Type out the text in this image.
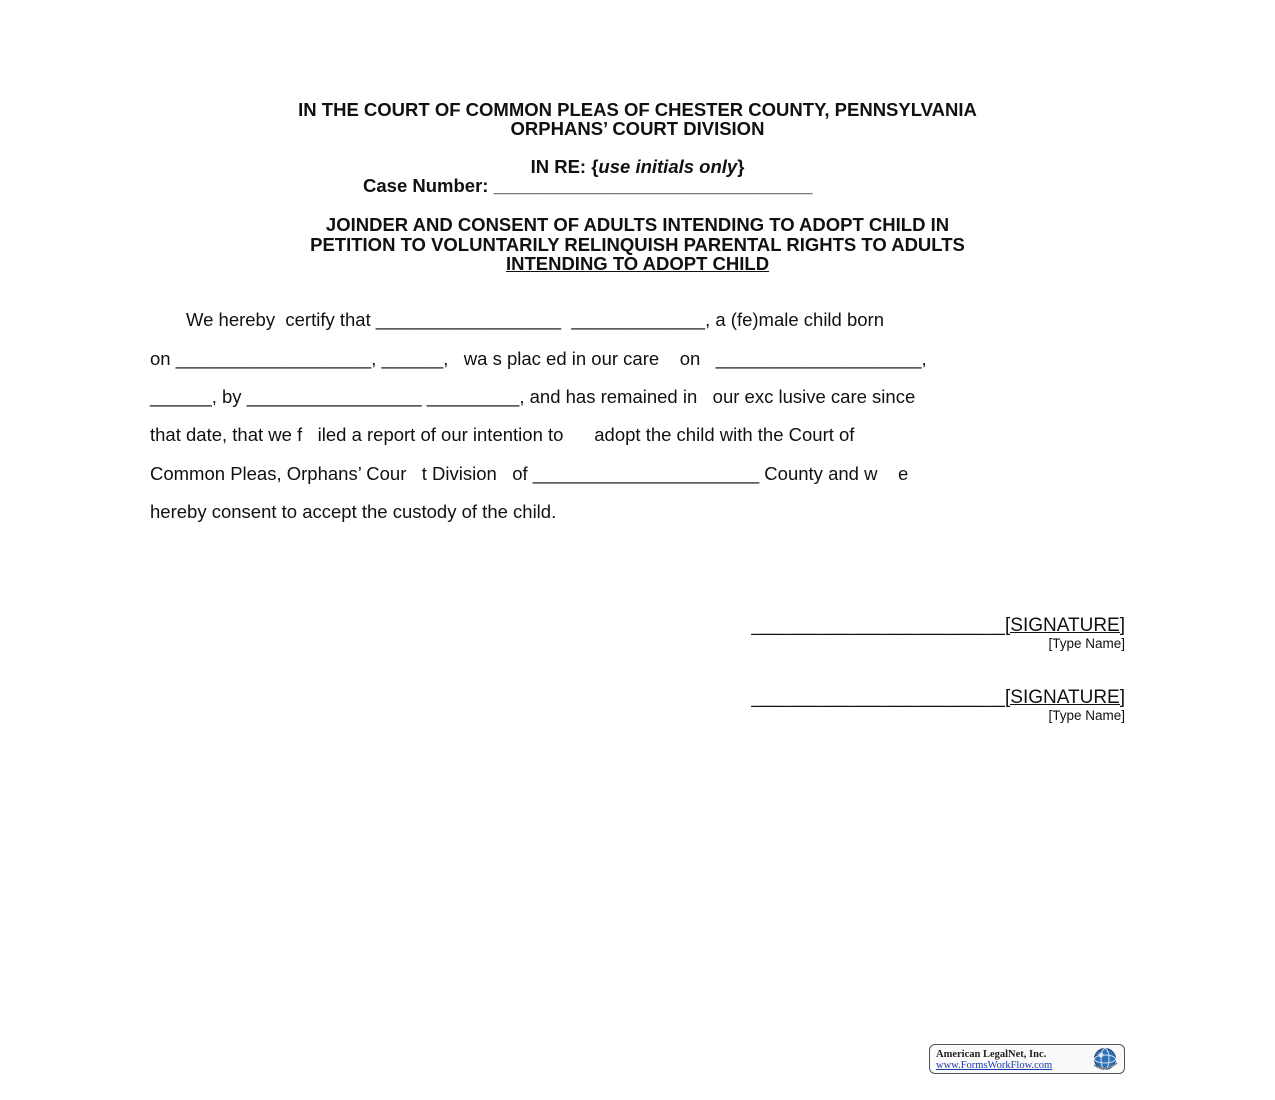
IN THE COURT OF COMMON PLEAS OF CHESTER COUNTY, PENNSYLVANIA

ORPHANS’ COURT DIVISION

IN RE: {use initials only}

Case Number: _______________________________

JOINDER AND CONSENT OF ADULTS INTENDING TO ADOPT CHILD IN
PETITION TO VOLUNTARILY RELINQUISH PARENTAL RIGHTS TO ADULTS
INTENDING TO ADOPT CHILD

We hereby  certify that __________________  _____________, a (fe)male child born

on ___________________, ______,   wa s plac ed in our care    on   ____________________,

______, by _________________ _________, and has remained in   our exc lusive care since

that date, that we f   iled a report of our intention to      adopt the child with the Court of

Common Pleas, Orphans’ Cour   t Division   of ______________________ County and w    e

hereby consent to accept the custody of the child.

________________________[SIGNATURE]
[Type Name]
________________________[SIGNATURE]
[Type Name]
American LegalNet, Inc.
www.FormsWorkFlow.com
